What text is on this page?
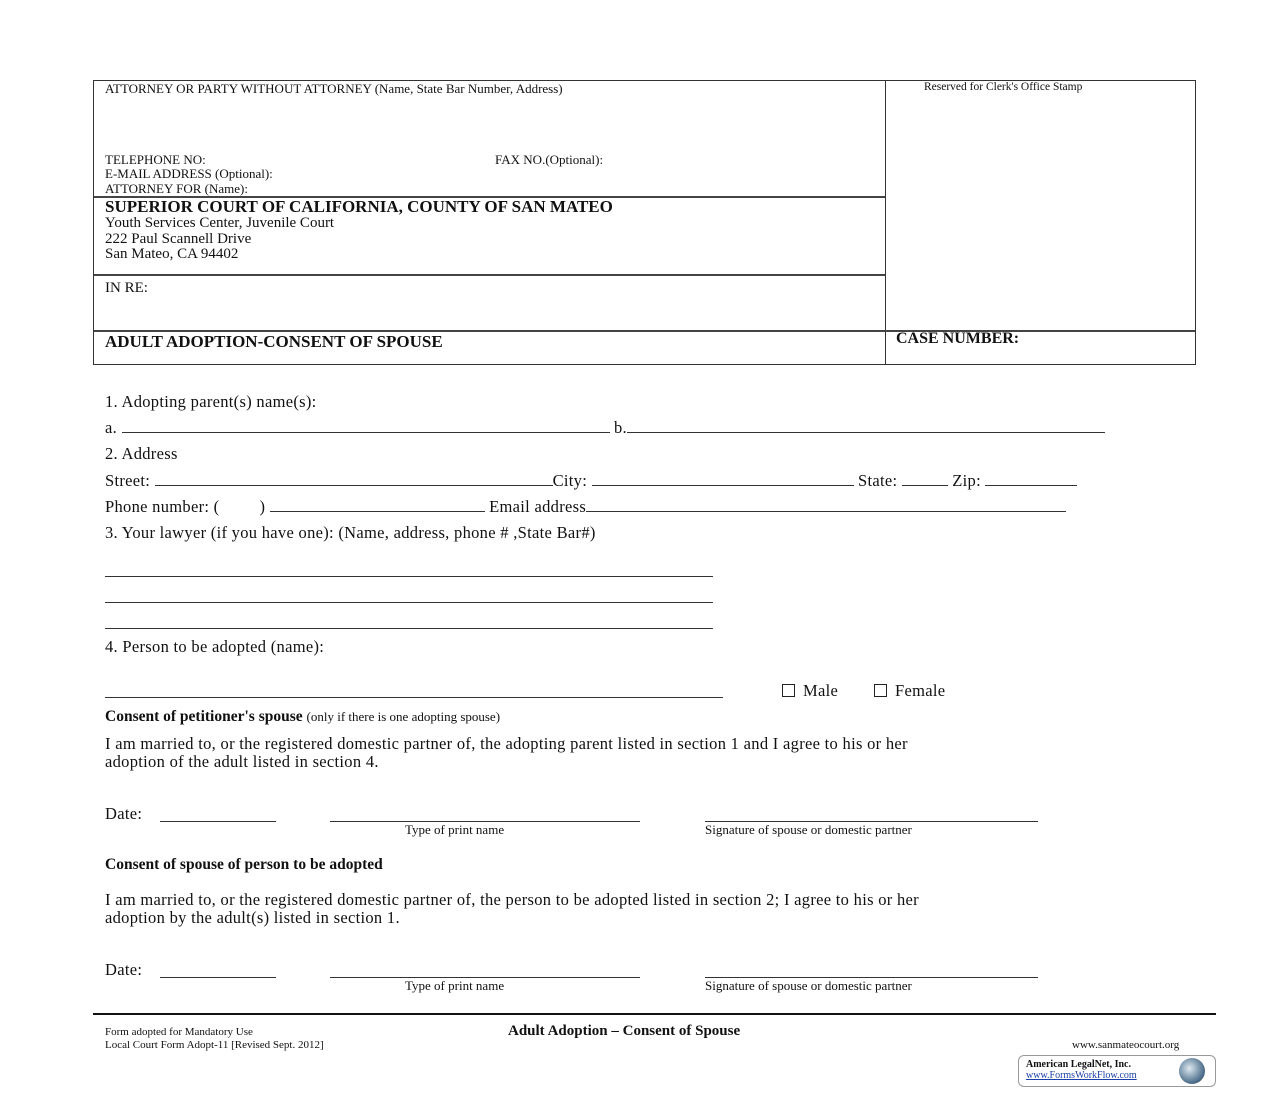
ATTORNEY OR PARTY WITHOUT ATTORNEY (Name, State Bar Number, Address)	Reserved for Clerk's Office Stamp
TELEPHONE NO:	FAX NO.(Optional):
E-MAIL ADDRESS (Optional):
ATTORNEY FOR (Name):
SUPERIOR COURT OF CALIFORNIA, COUNTY OF SAN MATEO
Youth Services Center, Juvenile Court
222 Paul Scannell Drive
San Mateo, CA 94402
IN RE:
ADULT ADOPTION-CONSENT OF SPOUSE	CASE NUMBER:
1. Adopting parent(s) name(s):
a.	b.
2. Address
Street:	City:	State:	Zip:
Phone number: ( )	Email address
3. Your lawyer (if you have one): (Name, address, phone # ,State Bar#)
4. Person to be adopted (name):
Male	Female
Consent of petitioner's spouse (only if there is one adopting spouse)
I am married to, or the registered domestic partner of, the adopting parent listed in section 1 and I agree to his or her
adoption of the adult listed in section 4.
Date:
Type of print name	Signature of spouse or domestic partner
Consent of spouse of person to be adopted
I am married to, or the registered domestic partner of, the person to be adopted listed in section 2; I agree to his or her
adoption by the adult(s) listed in section 1.
Date:
Type of print name	Signature of spouse or domestic partner
Form adopted for Mandatory Use
Local Court Form Adopt-11 [Revised Sept. 2012]
Adult Adoption – Consent of Spouse
www.sanmateocourt.org
American LegalNet, Inc.
www.FormsWorkFlow.com
